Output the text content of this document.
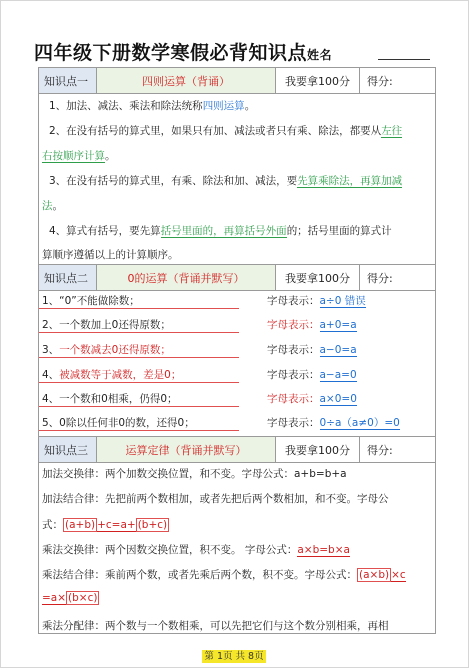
四年级下册数学寒假必背知识点姓名
知识点一	四则运算（背诵）	我要拿100分	得分:
1、加法、减法、乘法和除法统称四则运算。
2、在没有括号的算式里，如果只有加、减法或者只有乘、除法，都要从左往
右按顺序计算。
3、在没有括号的算式里，有乘、除法和加、减法，要先算乘除法，再算加减
法。
4、算式有括号，要先算括号里面的，再算括号外面的；括号里面的算式计
算顺序遵循以上的计算顺序。
知识点二	0的运算（背诵并默写）	我要拿100分	得分:
1、“0”不能做除数；	字母表示：a÷0 错误
2、一个数加上0还得原数；	字母表示：a+0=a
3、一个数减去0还得原数；	字母表示：a−0=a
4、被减数等于减数，差是0；	字母表示：a−a=0
4、一个数和0相乘，仍得0；	字母表示：a×0=0
5、0除以任何非0的数，还得0；	字母表示：0÷a（a≠0）=0
知识点三	运算定律（背诵并默写）	我要拿100分	得分:
加法交换律：两个加数交换位置，和不变。字母公式：a+b=b+a
加法结合律：先把前两个数相加，或者先把后两个数相加，和不变。字母公
式： (a+b) +c=a+ (b+c)
乘法交换律：两个因数交换位置，积不变。 字母公式：a×b=b×a
乘法结合律：乘前两个数，或者先乘后两个数，积不变。字母公式： (a×b) ×c
=a× (b×c)
乘法分配律：两个数与一个数相乘，可以先把它们与这个数分别相乘，再相
第 1页 共 8页
